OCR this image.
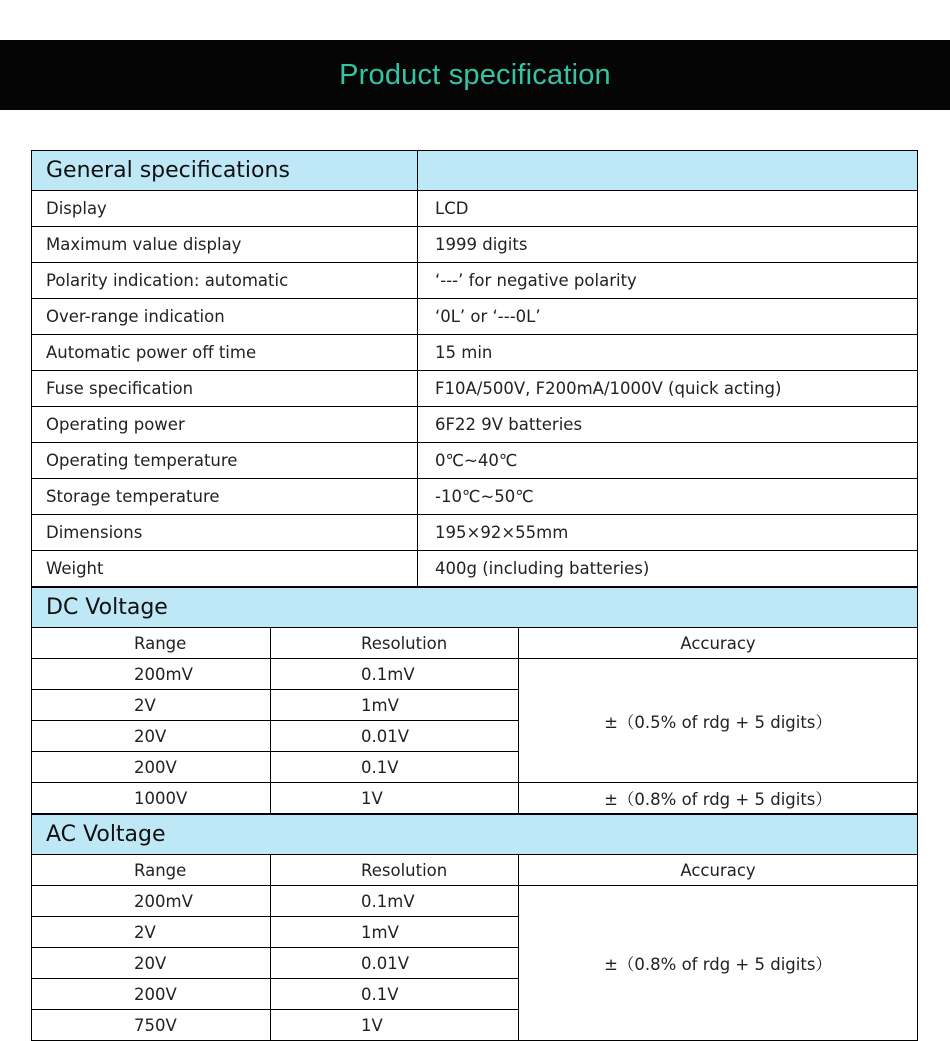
Product specification
General specifications	
Display	LCD
Maximum value display	1999 digits
Polarity indication: automatic	‘---’ for negative polarity
Over-range indication	‘0L’ or ‘---0L’
Automatic power off time	15 min
Fuse specification	F10A/500V, F200mA/1000V (quick acting)
Operating power	6F22 9V batteries
Operating temperature	0℃~40℃
Storage temperature	-10℃~50℃
Dimensions	195×92×55mm
Weight	400g (including batteries)
DC Voltage		
Range	Resolution	Accuracy
200mV	0.1mV	±（0.5% of rdg + 5 digits）
2V	1mV	
20V	0.01V	
200V	0.1V	
1000V	1V	±（0.8% of rdg + 5 digits）
AC Voltage		
Range	Resolution	Accuracy
200mV	0.1mV	±（0.8% of rdg + 5 digits）
2V	1mV	
20V	0.01V	
200V	0.1V	
750V	1V	
